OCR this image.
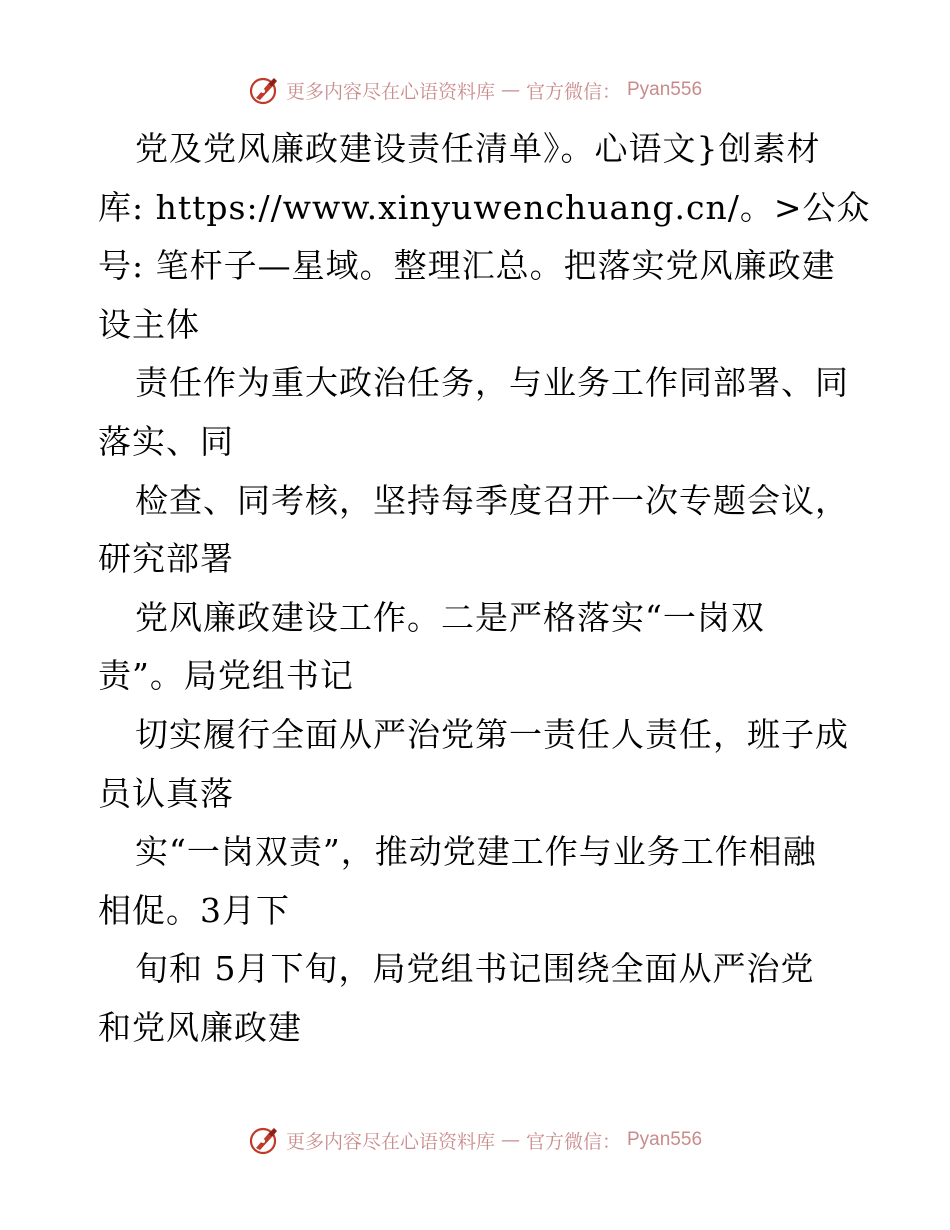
更多内容尽在心语资料库 — 官方微信： Pyan556
党及党风廉政建设责任清单》。心语文}创素材
库: https://www.xinyuwenchuang.cn/。>公众
号: 笔杆子—星域。整理汇总。把落实党风廉政建
设主体
责任作为重大政治任务，与业务工作同部署、同
落实、同
检查、同考核，坚持每季度召开一次专题会议，
研究部署
党风廉政建设工作。二是严格落实“一岗双
责”。局党组书记
切实履行全面从严治党第一责任人责任，班子成
员认真落
实“一岗双责”，推动党建工作与业务工作相融
相促。3月下
旬和 5月下旬，局党组书记围绕全面从严治党
和党风廉政建
更多内容尽在心语资料库 — 官方微信： Pyan556
